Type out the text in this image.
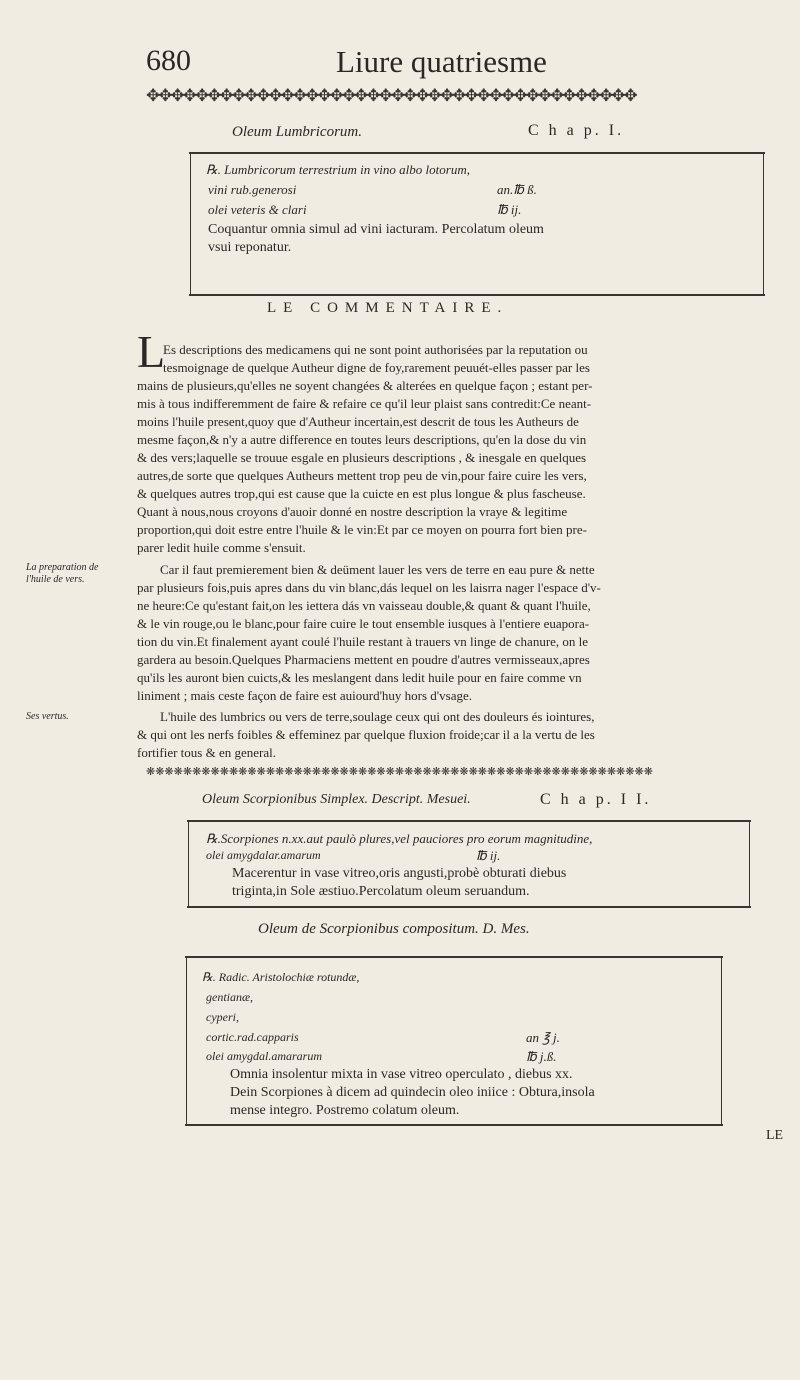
680	Liure quatriesme
✥✥✥✥✥✥✥✥✥✥✥✥✥✥✥✥✥✥✥✥✥✥✥✥✥✥✥✥✥✥✥✥✥✥✥✥✥✥✥✥
Oleum Lumbricorum.	C h a p. I.
℞. Lumbricorum terrestrium in vino albo lotorum,
vini rub.generosi	an.℔ ß.
olei veteris & clari	℔ ij.
Coquantur omnia simul ad vini iacturam. Percolatum oleum
vsui reponatur.
LE COMMENTAIRE.
L
Es descriptions des medicamens qui ne sont point authorisées par la reputation ou
tesmoignage de quelque Autheur digne de foy,rarement peuuét-elles passer par les
mains de plusieurs,qu'elles ne soyent changées & alterées en quelque façon ; estant per-
mis à tous indifferemment de faire & refaire ce qu'il leur plaist sans contredit:Ce neant-
moins l'huile present,quoy que d'Autheur incertain,est descrit de tous les Autheurs de
mesme façon,& n'y a autre difference en toutes leurs descriptions, qu'en la dose du vin
& des vers;laquelle se trouue esgale en plusieurs descriptions , & inesgale en quelques
autres,de sorte que quelques Autheurs mettent trop peu de vin,pour faire cuire les vers,
& quelques autres trop,qui est cause que la cuicte en est plus longue & plus fascheuse.
Quant à nous,nous croyons d'auoir donné en nostre description la vraye & legitime
proportion,qui doit estre entre l'huile & le vin:Et par ce moyen on pourra fort bien pre-
parer ledit huile comme s'ensuit.
Car il faut premierement bien & deüment lauer les vers de terre en eau pure & nette
par plusieurs fois,puis apres dans du vin blanc,dás lequel on les laisrra nager l'espace d'v-
ne heure:Ce qu'estant fait,on les iettera dás vn vaisseau double,& quant & quant l'huile,
& le vin rouge,ou le blanc,pour faire cuire le tout ensemble iusques à l'entiere euapora-
tion du vin.Et finalement ayant coulé l'huile restant à trauers vn linge de chanure, on le
gardera au besoin.Quelques Pharmaciens mettent en poudre d'autres vermisseaux,apres
qu'ils les auront bien cuicts,& les meslangent dans ledit huile pour en faire comme vn
liniment ; mais ceste façon de faire est auiourd'huy hors d'vsage.
L'huile des lumbrics ou vers de terre,soulage ceux qui ont des douleurs és iointures,
& qui ont les nerfs foibles & effeminez par quelque fluxion froide;car il a la vertu de les
fortifier tous & en general.
La preparation de l'huile de vers.
Ses vertus.
❋❋❋❋❋❋❋❋❋❋❋❋❋❋❋❋❋❋❋❋❋❋❋❋❋❋❋❋❋❋❋❋❋❋❋❋❋❋❋❋❋❋❋❋❋❋❋❋❋❋❋❋❋❋❋
Oleum Scorpionibus Simplex. Descript. Mesuei.	C h a p. I I.
℞.Scorpiones n.xx.aut paulò plures,vel pauciores pro eorum magnitudine,
olei amygdalar.amarum	℔ ij.
Macerentur in vase vitreo,oris angusti,probè obturati diebus
triginta,in Sole æstiuo.Percolatum oleum seruandum.
Oleum de Scorpionibus compositum. D. Mes.
℞. Radic. Aristolochiæ rotundæ,
gentianæ,
cyperi,
cortic.rad.capparis	an ℥ j.
olei amygdal.amararum	℔ j.ß.
Omnia insolentur mixta in vase vitreo operculato , diebus xx.
Dein Scorpiones à dicem ad quindecin oleo iniice : Obtura,insola
mense integro. Postremo colatum oleum.
LE
